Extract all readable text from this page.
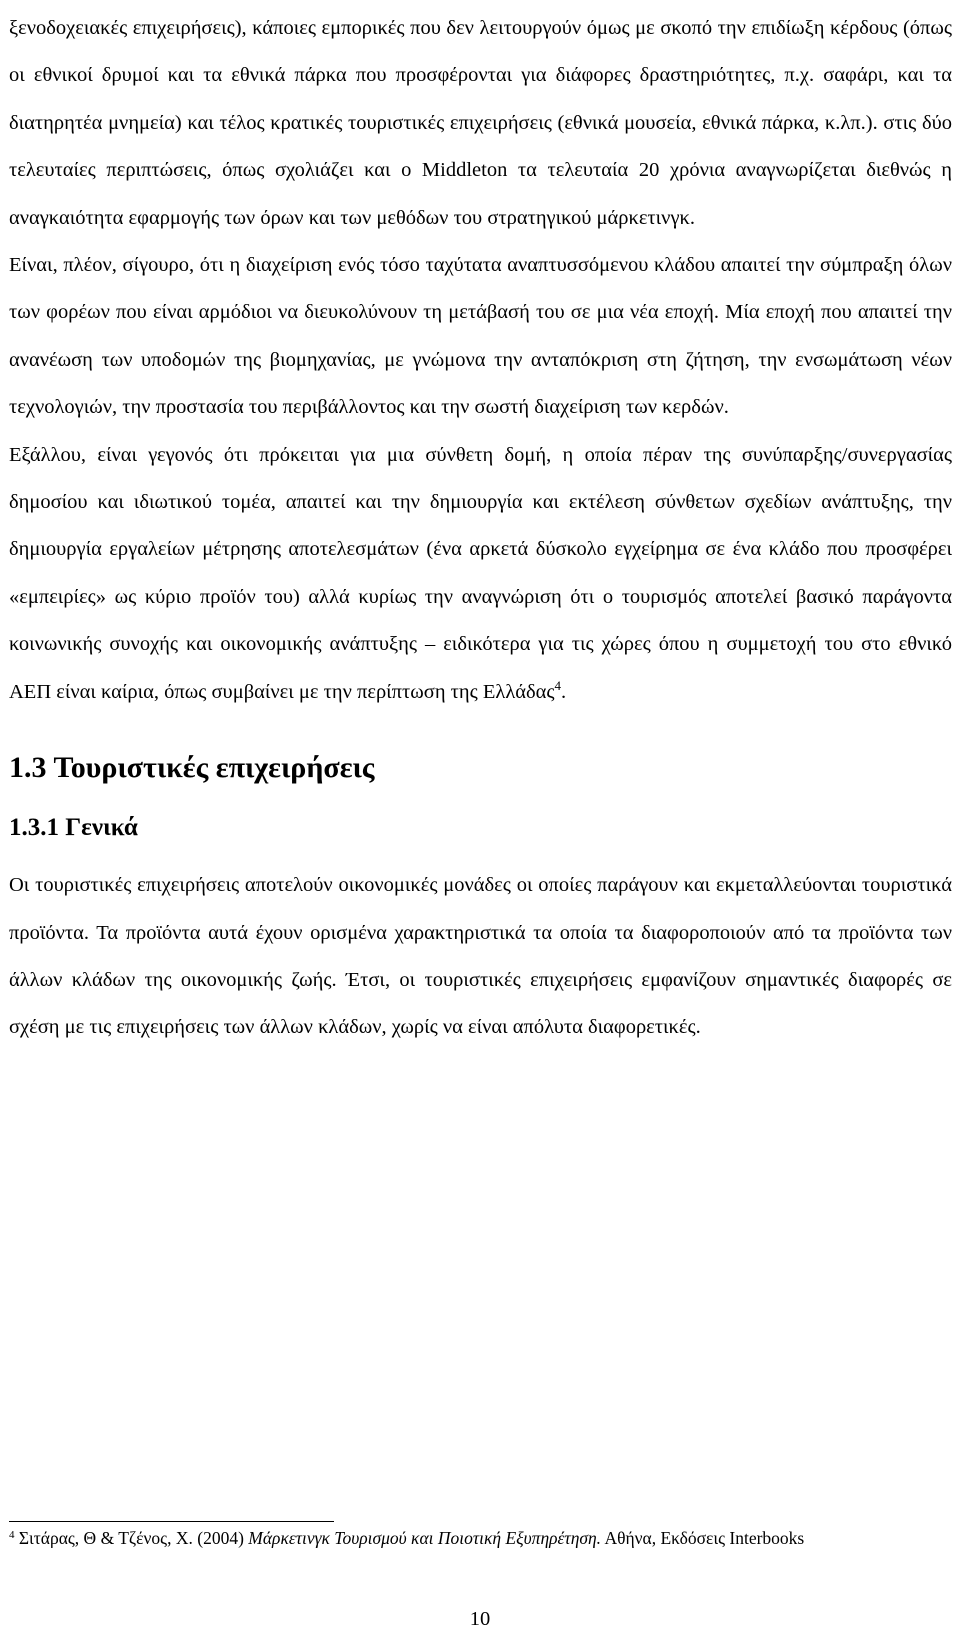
ξενοδοχειακές επιχειρήσεις), κάποιες εμπορικές που δεν λειτουργούν όμως με σκοπό την επιδίωξη κέρδους (όπως οι εθνικοί δρυμοί και τα εθνικά πάρκα που προσφέρονται για διάφορες δραστηριότητες, π.χ. σαφάρι, και τα διατηρητέα μνημεία) και τέλος κρατικές τουριστικές επιχειρήσεις (εθνικά μουσεία, εθνικά πάρκα, κ.λπ.). στις δύο τελευταίες περιπτώσεις, όπως σχολιάζει και ο Middleton τα τελευταία 20 χρόνια αναγνωρίζεται διεθνώς η αναγκαιότητα εφαρμογής των όρων και των μεθόδων του στρατηγικού μάρκετινγκ.

Είναι, πλέον, σίγουρο, ότι η διαχείριση ενός τόσο ταχύτατα αναπτυσσόμενου κλάδου απαιτεί την σύμπραξη όλων των φορέων που είναι αρμόδιοι να διευκολύνουν τη μετάβασή του σε μια νέα εποχή. Μία εποχή που απαιτεί την ανανέωση των υποδομών της βιομηχανίας, με γνώμονα την ανταπόκριση στη ζήτηση, την ενσωμάτωση νέων τεχνολογιών, την προστασία του περιβάλλοντος και την σωστή διαχείριση των κερδών.

Εξάλλου, είναι γεγονός ότι πρόκειται για μια σύνθετη δομή, η οποία πέραν της συνύπαρξης/συνεργασίας δημοσίου και ιδιωτικού τομέα, απαιτεί και την δημιουργία και εκτέλεση σύνθετων σχεδίων ανάπτυξης, την δημιουργία εργαλείων μέτρησης αποτελεσμάτων (ένα αρκετά δύσκολο εγχείρημα σε ένα κλάδο που προσφέρει «εμπειρίες» ως κύριο προϊόν του) αλλά κυρίως την αναγνώριση ότι ο τουρισμός αποτελεί βασικό παράγοντα κοινωνικής συνοχής και οικονομικής ανάπτυξης – ειδικότερα για τις χώρες όπου η συμμετοχή του στο εθνικό ΑΕΠ είναι καίρια, όπως συμβαίνει με την περίπτωση της Ελλάδας$^4$.

1.3 Τουριστικές επιχειρήσεις
1.3.1 Γενικά

Οι τουριστικές επιχειρήσεις αποτελούν οικονομικές μονάδες οι οποίες παράγουν και εκμεταλλεύονται τουριστικά προϊόντα. Τα προϊόντα αυτά έχουν ορισμένα χαρακτηριστικά τα οποία τα διαφοροποιούν από τα προϊόντα των άλλων κλάδων της οικονομικής ζωής. Έτσι, οι τουριστικές επιχειρήσεις εμφανίζουν σημαντικές διαφορές σε σχέση με τις επιχειρήσεις των άλλων κλάδων, χωρίς να είναι απόλυτα διαφορετικές.

$^4$ Σιτάρας, Θ & Τζένος, Χ. (2004) Μάρκετινγκ Τουρισμού και Ποιοτική Εξυπηρέτηση. Αθήνα, Εκδόσεις Interbooks
10
